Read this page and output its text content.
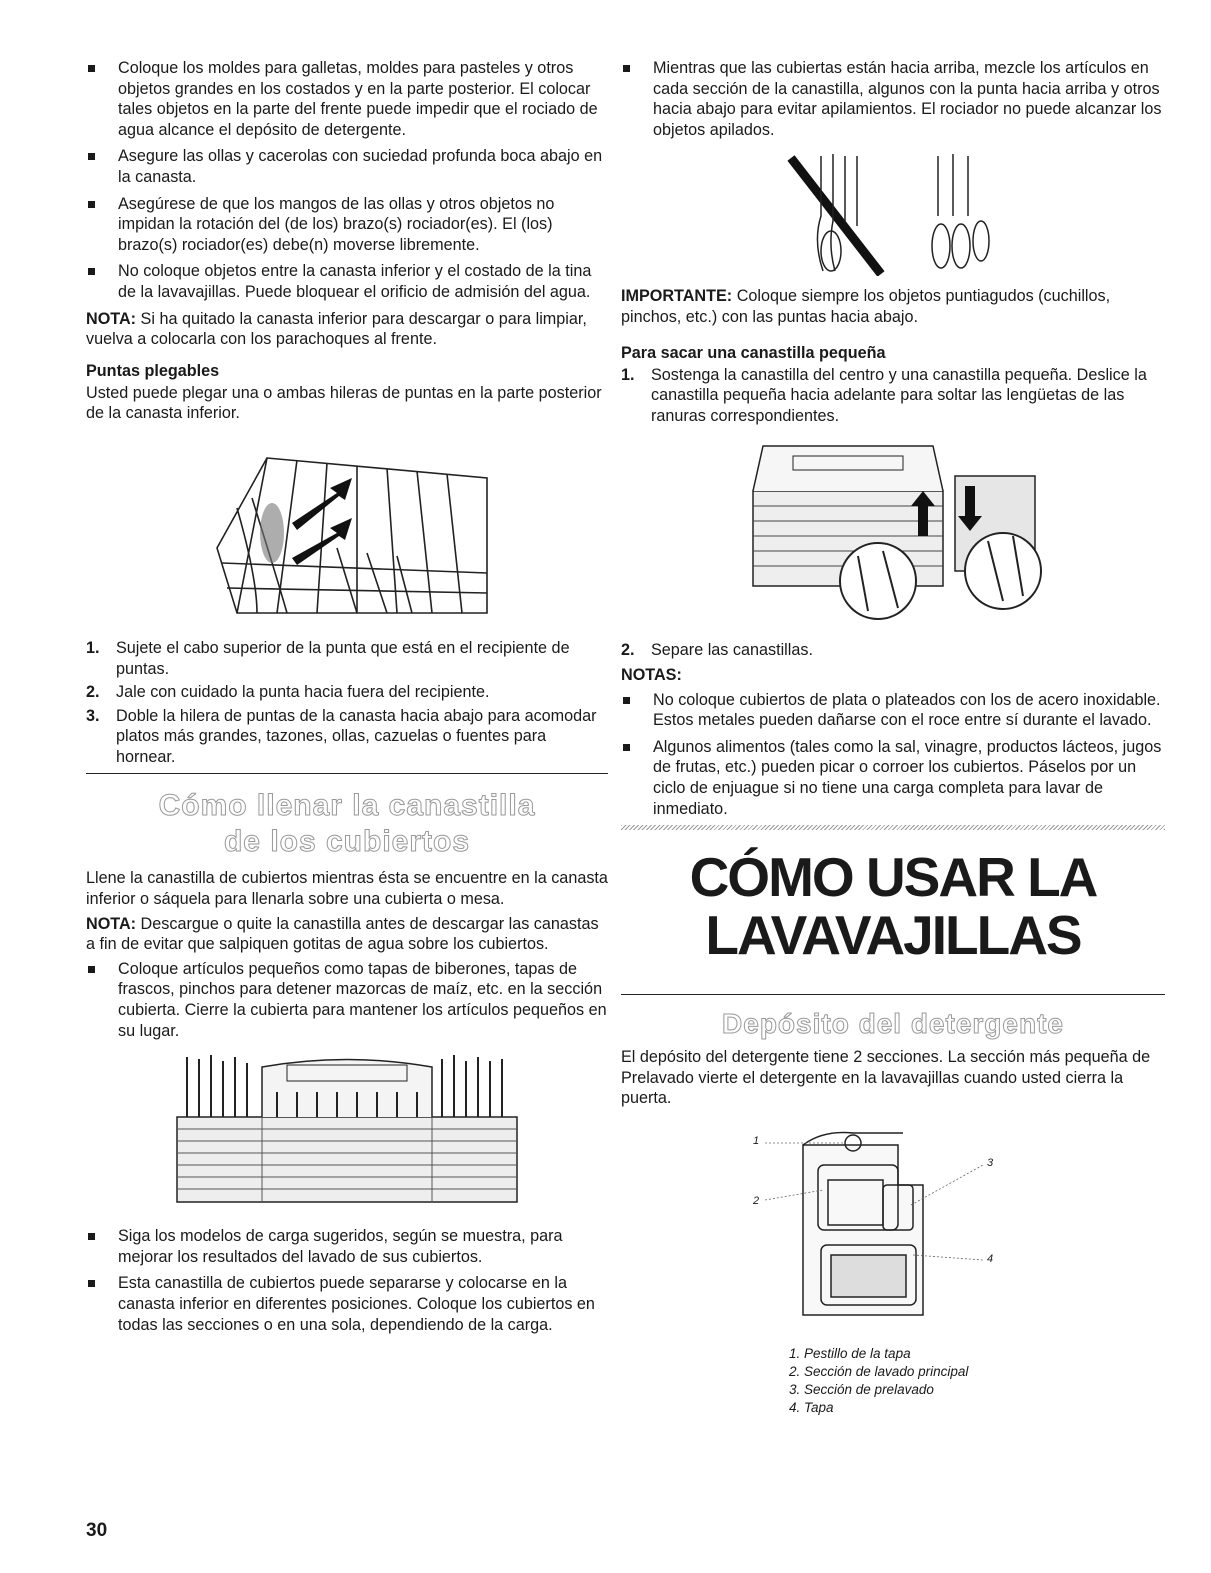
Coloque los moldes para galletas, moldes para pasteles y otros objetos grandes en los costados y en la parte posterior. El colocar tales objetos en la parte del frente puede impedir que el rociado de agua alcance el depósito de detergente.
Asegure las ollas y cacerolas con suciedad profunda boca abajo en la canasta.
Asegúrese de que los mangos de las ollas y otros objetos no impidan la rotación del (de los) brazo(s) rociador(es). El (los) brazo(s) rociador(es) debe(n) moverse libremente.
No coloque objetos entre la canasta inferior y el costado de la tina de la lavavajillas. Puede bloquear el orificio de admisión del agua.

NOTA: Si ha quitado la canasta inferior para descargar o para limpiar, vuelva a colocarla con los parachoques al frente.

Puntas plegables

Usted puede plegar una o ambas hileras de puntas en la parte posterior de la canasta inferior.

1. Sujete el cabo superior de la punta que está en el recipiente de puntas.
2. Jale con cuidado la punta hacia fuera del recipiente.
3. Doble la hilera de puntas de la canasta hacia abajo para acomodar platos más grandes, tazones, ollas, cazuelas o fuentes para hornear.
Cómo llenar la canastilla
de los cubiertos

Llene la canastilla de cubiertos mientras ésta se encuentre en la canasta inferior o sáquela para llenarla sobre una cubierta o mesa.

NOTA: Descargue o quite la canastilla antes de descargar las canastas a fin de evitar que salpiquen gotitas de agua sobre los cubiertos.

Coloque artículos pequeños como tapas de biberones, tapas de frascos, pinchos para detener mazorcas de maíz, etc. en la sección cubierta. Cierre la cubierta para mantener los artículos pequeños en su lugar.
Siga los modelos de carga sugeridos, según se muestra, para mejorar los resultados del lavado de sus cubiertos.
Esta canastilla de cubiertos puede separarse y colocarse en la canasta inferior en diferentes posiciones. Coloque los cubiertos en todas las secciones o en una sola, dependiendo de la carga.
Mientras que las cubiertas están hacia arriba, mezcle los artículos en cada sección de la canastilla, algunos con la punta hacia arriba y otros hacia abajo para evitar apilamientos. El rociador no puede alcanzar los objetos apilados.

IMPORTANTE: Coloque siempre los objetos puntiagudos (cuchillos, pinchos, etc.) con las puntas hacia abajo.

Para sacar una canastilla pequeña
1. Sostenga la canastilla del centro y una canastilla pequeña. Deslice la canastilla pequeña hacia adelante para soltar las lengüetas de las ranuras correspondientes.
2. Separe las canastillas.

NOTAS:

No coloque cubiertos de plata o plateados con los de acero inoxidable. Estos metales pueden dañarse con el roce entre sí durante el lavado.
Algunos alimentos (tales como la sal, vinagre, productos lácteos, jugos de frutas, etc.) pueden picar o corroer los cubiertos. Páselos por un ciclo de enjuague si no tiene una carga completa para lavar de inmediato.

CÓMO USAR LA

LAVAVAJILLAS

Depósito del detergente

El depósito del detergente tiene 2 secciones. La sección más pequeña de Prelavado vierte el detergente en la lavavajillas cuando usted cierra la puerta.

1
2
3
4
1. Pestillo de la tapa
2. Sección de lavado principal
3. Sección de prelavado
4. Tapa
30
